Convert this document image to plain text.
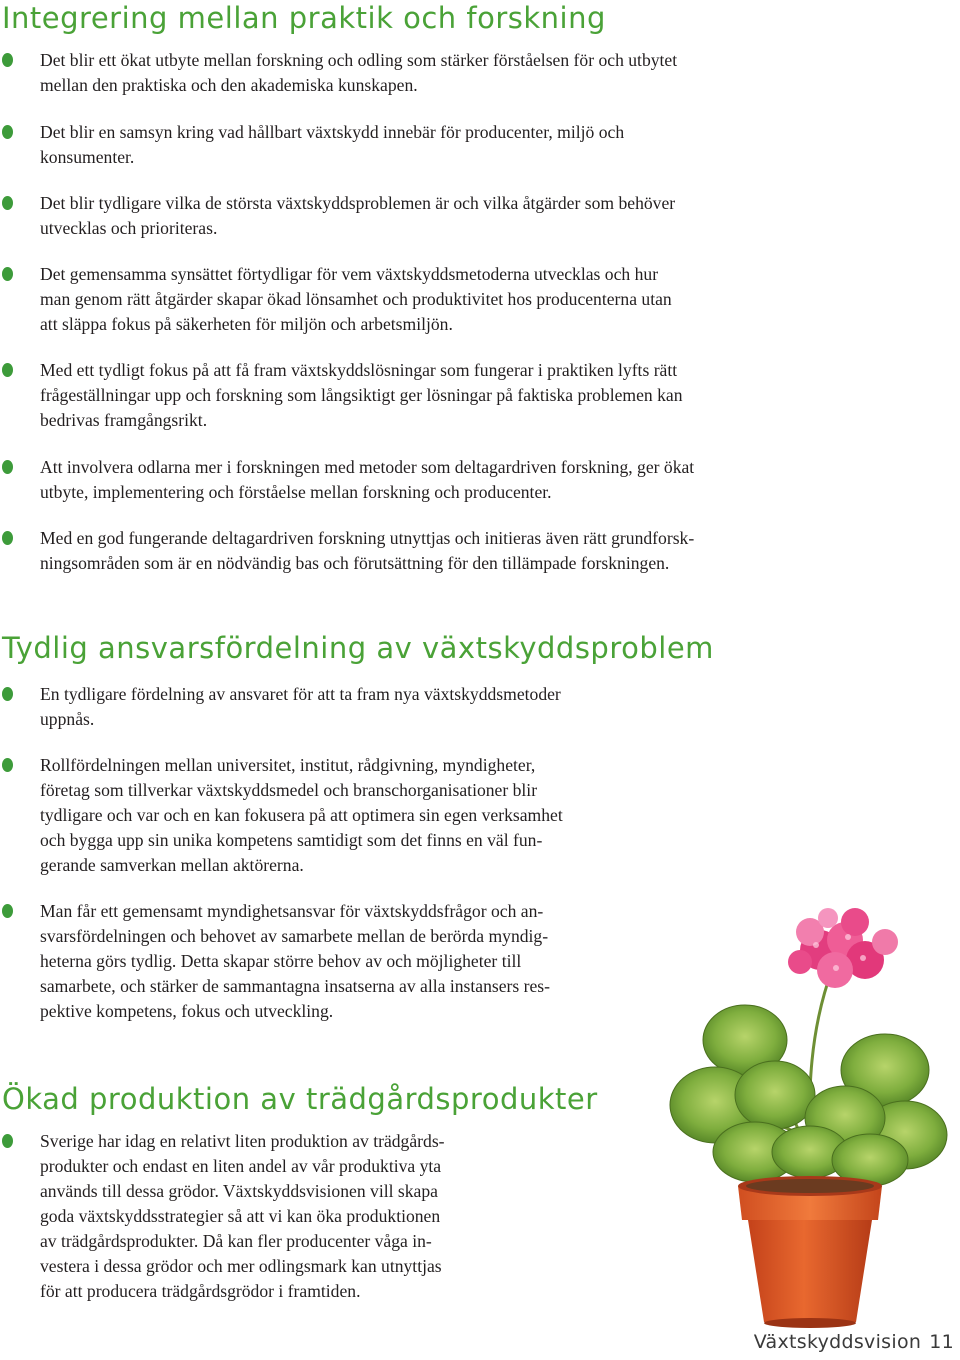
Integrering mellan praktik och forskning

Det blir ett ökat utbyte mellan forskning och odling som stärker förståelsen för och utbytet
mellan den praktiska och den akademiska kunskapen.

Det blir en samsyn kring vad hållbart växtskydd innebär för producenter, miljö och
konsumenter.

Det blir tydligare vilka de största växtskyddsproblemen är och vilka åtgärder som behöver
utvecklas och prioriteras.

Det gemensamma synsättet förtydligar för vem växtskyddsmetoderna utvecklas och hur
man genom rätt åtgärder skapar ökad lönsamhet och produktivitet hos producenterna utan
att släppa fokus på säkerheten för miljön och arbetsmiljön.

Med ett tydligt fokus på att få fram växtskyddslösningar som fungerar i praktiken lyfts rätt
frågeställningar upp och forskning som långsiktigt ger lösningar på faktiska problemen kan
bedrivas framgångsrikt.

Att involvera odlarna mer i forskningen med metoder som deltagardriven forskning, ger ökat
utbyte, implementering och förståelse mellan forskning och producenter.

Med en god fungerande deltagardriven forskning utnyttjas och initieras även rätt grundforsk-
ningsområden som är en nödvändig bas och förutsättning för den tillämpade forskningen.

Tydlig ansvarsfördelning av växtskyddsproblem

En tydligare fördelning av ansvaret för att ta fram nya växtskyddsmetoder
uppnås.

Rollfördelningen mellan universitet, institut, rådgivning, myndigheter,
företag som tillverkar växtskyddsmedel och branschorganisationer blir
tydligare och var och en kan fokusera på att optimera sin egen verksamhet
och bygga upp sin unika kompetens samtidigt som det finns en väl fun-
gerande samverkan mellan aktörerna.

Man får ett gemensamt myndighetsansvar för växtskyddsfrågor och an-
svarsfördelningen och behovet av samarbete mellan de berörda myndig-
heterna görs tydlig. Detta skapar större behov av och möjligheter till
samarbete, och stärker de sammantagna insatserna av alla instansers res-
pektive kompetens, fokus och utveckling.

Ökad produktion av trädgårdsprodukter

Sverige har idag en relativt liten produktion av trädgårds-
produkter och endast en liten andel av vår produktiva yta
används till dessa grödor. Växtskyddsvisionen vill skapa
goda växtskyddsstrategier så att vi kan öka produktionen
av trädgårdsprodukter. Då kan fler producenter våga in-
vestera i dessa grödor och mer odlingsmark kan utnyttjas
för att producera trädgårdsgrödor i framtiden.

Växtskyddsvision 11
